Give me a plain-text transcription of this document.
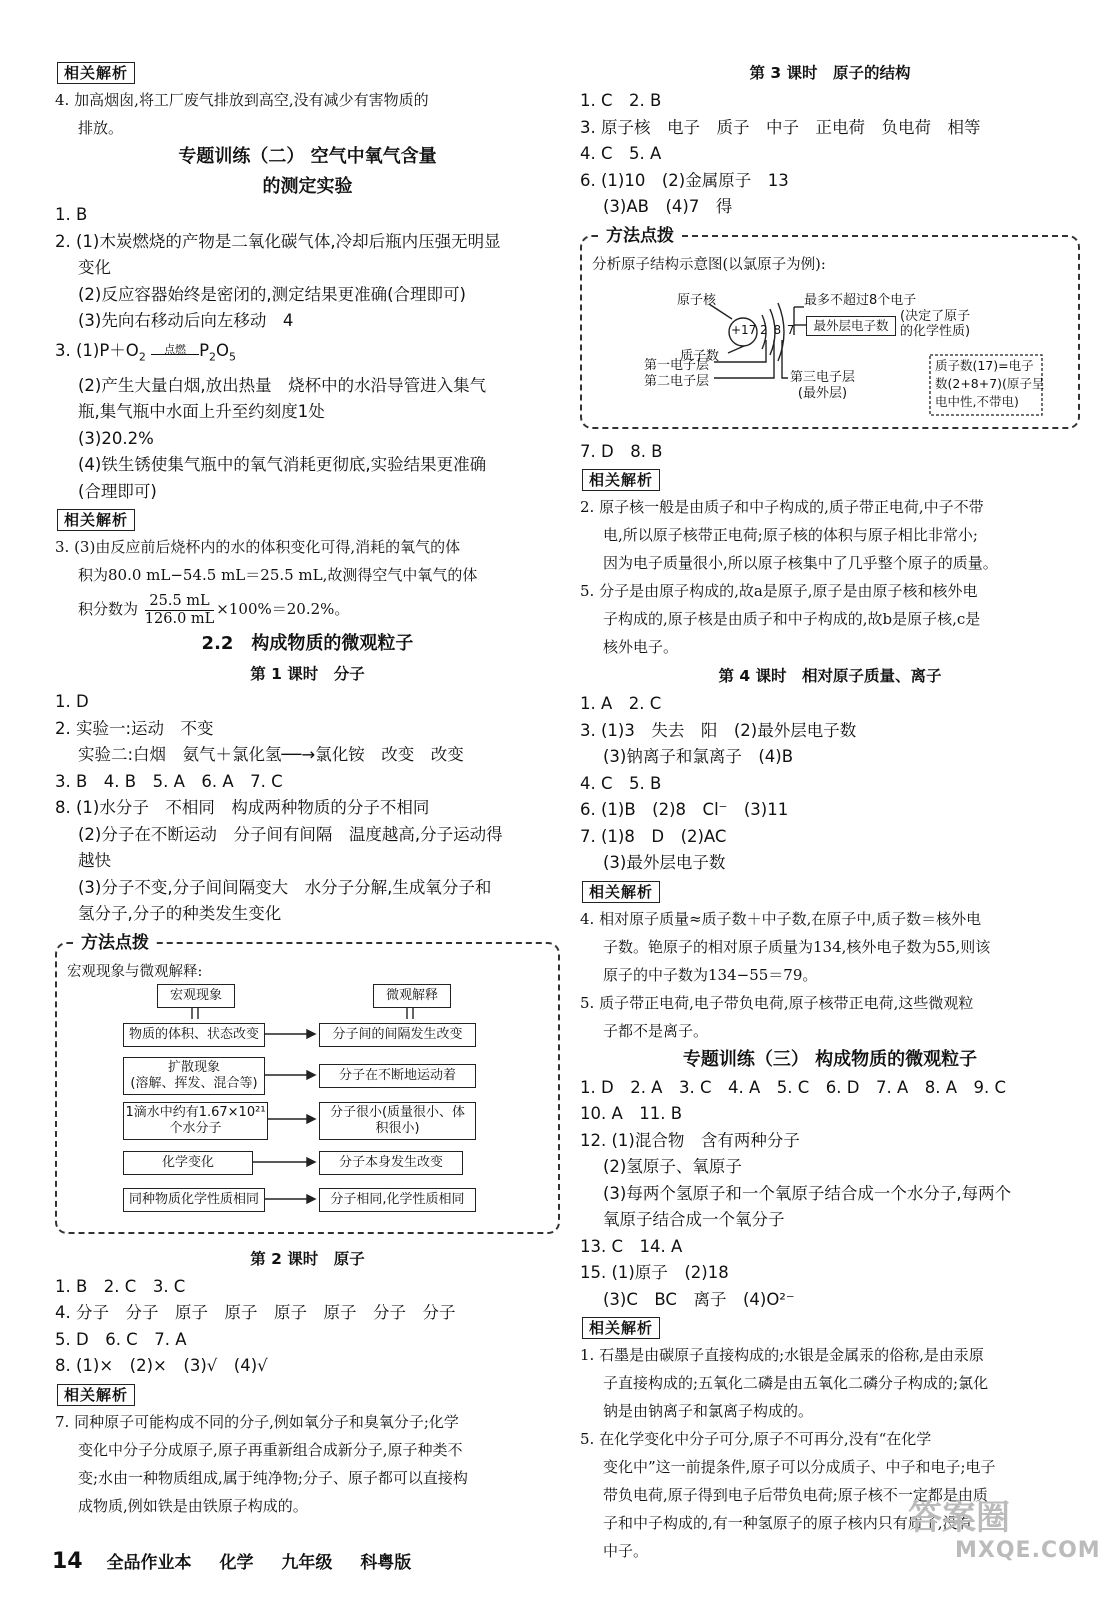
相关解析
4. 加高烟囱,将工厂废气排放到高空,没有减少有害物质的
排放。
专题训练（二） 空气中氧气含量
的测定实验
1. B
2. (1)木炭燃烧的产物是二氧化碳气体,冷却后瓶内压强无明显
变化
(2)反应容器始终是密闭的,测定结果更准确(合理即可)
(3)先向右移动后向左移动　4
3. $(1)P+O_2$
点燃 $P_2O_5$
(2)产生大量白烟,放出热量　烧杯中的水沿导管进入集气
瓶,集气瓶中水面上升至约刻度1处
(3)20.2%
(4)铁生锈使集气瓶中的氧气消耗更彻底,实验结果更准确
(合理即可)
相关解析
3. (3)由反应前后烧杯内的水的体积变化可得,消耗的氧气的体
积为80.0 mL−54.5 mL＝25.5 mL,故测得空气中氧气的体
积分数为 $\frac{25.5 mL}{126.0 mL} \times 100\%=20.2\%$。
2.2　构成物质的微观粒子
第 1 课时　分子
1. D
2. 实验一:运动　不变
实验二:白烟　氨气＋氯化氢──→氯化铵　改变　改变
3. B　4. B　5. A　6. A　7. C
8. (1)水分子　不相同　构成两种物质的分子不相同
(2)分子在不断运动　分子间有间隔　温度越高,分子运动得
越快
(3)分子不变,分子间间隔变大　水分子分解,生成氧分子和
氢分子,分子的种类发生变化
方法点拨
宏观现象与微观解释:
宏观现象	微观解释
物质的体积、状态改变	分子间的间隔发生改变
扩散现象
(溶解、挥发、混合等)
分子在不断地运动着
1滴水中约有1.67×10²¹
个水分子
分子很小(质量很小、体
积很小)
化学变化	分子本身发生改变
同种物质化学性质相同	分子相同,化学性质相同
第 2 课时　原子
1. B　2. C　3. C
4. 分子　分子　原子　原子　原子　原子　分子　分子
5. D　6. C　7. A
8. (1)×　(2)×　(3)√　(4)√
相关解析
7. 同种原子可能构成不同的分子,例如氧分子和臭氧分子;化学
变化中分子分成原子,原子再重新组合成新分子,原子种类不
变;水由一种物质组成,属于纯净物;分子、原子都可以直接构
成物质,例如铁是由铁原子构成的。
第 3 课时　原子的结构
1. C　2. B
3. 原子核　电子　质子　中子　正电荷　负电荷　相等
4. C　5. A
6. (1)10　(2)金属原子　13
(3)AB　(4)7　得
方法点拨
分析原子结构示意图(以氯原子为例):
原子核	最多不超过8个电子
+17 2 8 7	最外层电子数
(决定了原子
的化学性质)
质子数
第一电子层
第二电子层	第三电子层
(最外层)
质子数(17)=电子
数(2+8+7)(原子呈
电中性,不带电)
7. D　8. B
相关解析
2. 原子核一般是由质子和中子构成的,质子带正电荷,中子不带
电,所以原子核带正电荷;原子核的体积与原子相比非常小;
因为电子质量很小,所以原子核集中了几乎整个原子的质量。
5. 分子是由原子构成的,故a是原子,原子是由原子核和核外电
子构成的,原子核是由质子和中子构成的,故b是原子核,c是
核外电子。
第 4 课时　相对原子质量、离子
1. A　2. C
3. (1)3　失去　阳　(2)最外层电子数
(3)钠离子和氯离子　(4)B
4. C　5. B
6. (1)B　(2)8　Cl⁻　(3)11
7. (1)8　D　(2)AC
(3)最外层电子数
相关解析
4. 相对原子质量≈质子数＋中子数,在原子中,质子数＝核外电
子数。铯原子的相对原子质量为134,核外电子数为55,则该
原子的中子数为134−55＝79。
5. 质子带正电荷,电子带负电荷,原子核带正电荷,这些微观粒
子都不是离子。
专题训练（三） 构成物质的微观粒子
1. D　2. A　3. C　4. A　5. C　6. D　7. A　8. A　9. C
10. A　11. B
12. (1)混合物　含有两种分子
(2)氢原子、氧原子
(3)每两个氢原子和一个氧原子结合成一个水分子,每两个
氧原子结合成一个氧分子
13. C　14. A
15. (1)原子　(2)18
(3)C　BC　离子　(4)O²⁻
相关解析
1. 石墨是由碳原子直接构成的;水银是金属汞的俗称,是由汞原
子直接构成的;五氧化二磷是由五氧化二磷分子构成的;氯化
钠是由钠离子和氯离子构成的。
5. 在化学变化中分子可分,原子不可再分,没有“在化学
变化中”这一前提条件,原子可以分成质子、中子和电子;电子
带负电荷,原子得到电子后带负电荷;原子核不一定都是由质
子和中子构成的,有一种氢原子的原子核内只有质子,没有
中子。
14 全品作业本 化学 九年级 科粤版
答案圈
MXQE.COM
